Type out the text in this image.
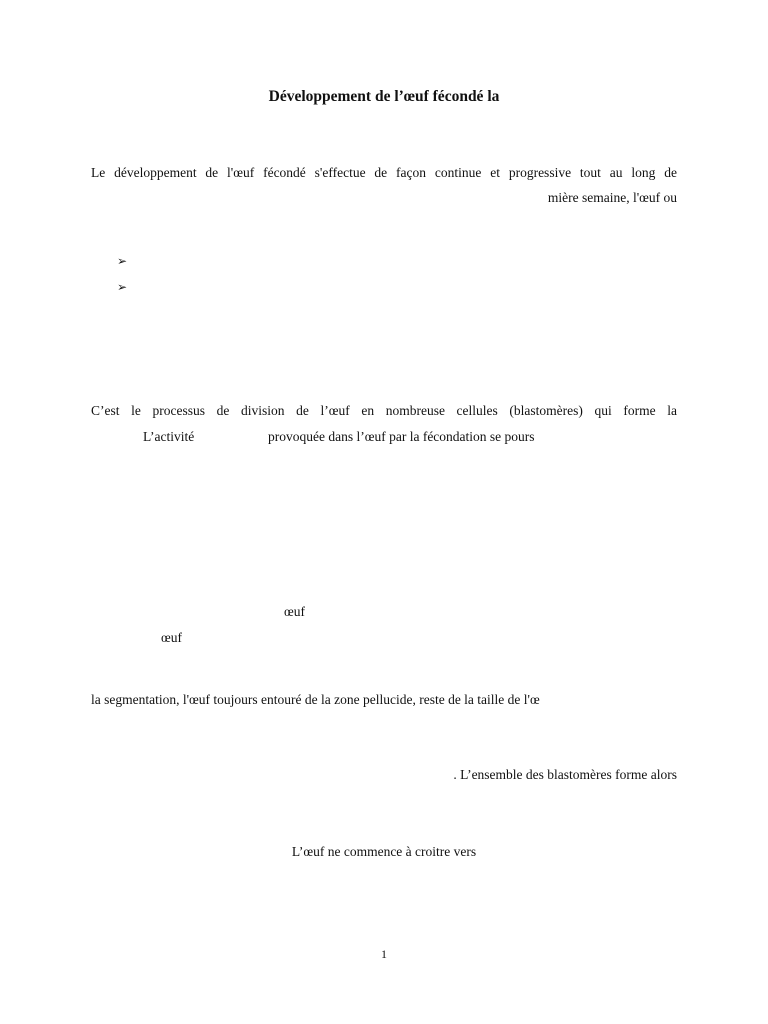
Développement de l’œuf fécondé la
Le développement de l'œuf fécondé s'effectue de façon continue et progressive tout au long de
mière semaine, l'œuf ou
➢
➢
C’est le processus de division de l’œuf en nombreuse cellules (blastomères) qui forme la
L’activité	provoquée dans l’œuf par la fécondation se pours
œuf
œuf
la segmentation, l'œuf toujours entouré de la zone pellucide, reste de la taille de l'œ
. L’ensemble des blastomères forme alors
L’œuf ne commence à croitre vers
1
